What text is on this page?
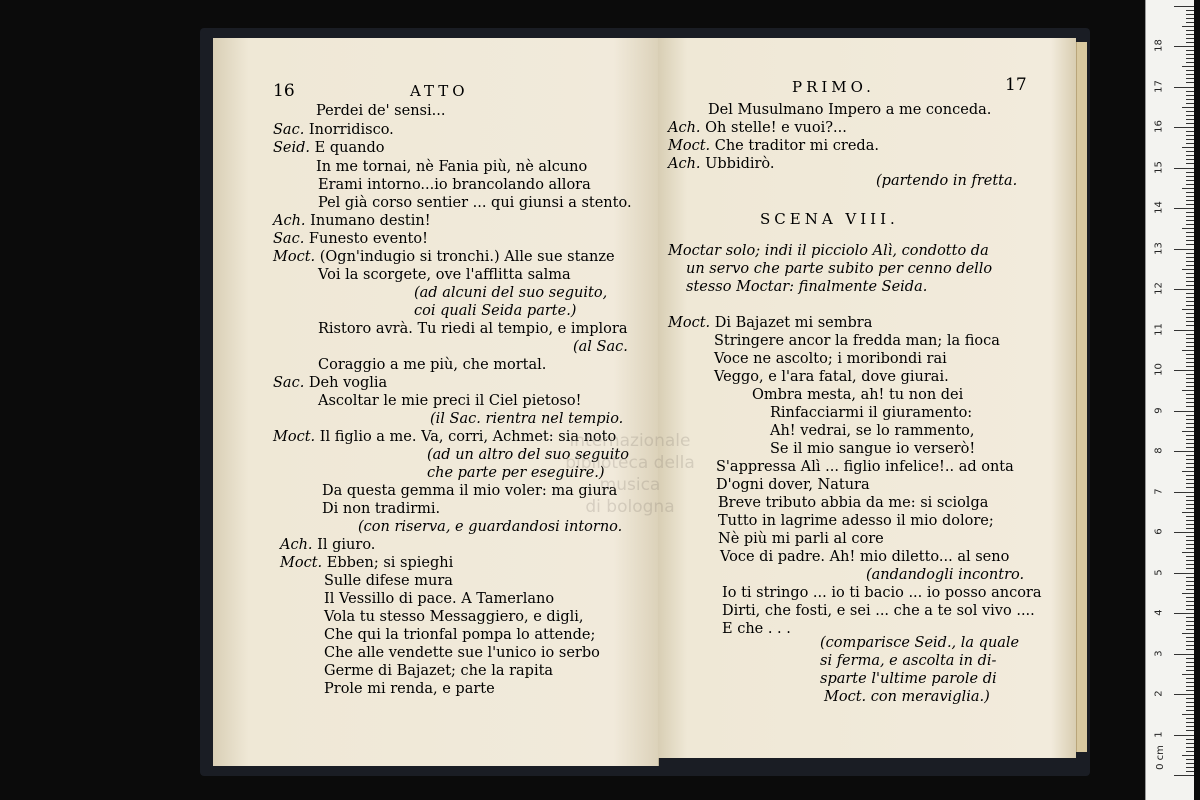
Perdei de' sensi...
Sac. Inorridisco.
Seid. E quando
In me tornai, nè Fania più, nè alcuno
Erami intorno...io brancolando allora
Pel già corso sentier ... qui giunsi a stento.
Ach. Inumano destin!
Sac. Funesto evento!
Moct. (Ogn'indugio si tronchi.) Alle sue stanze
Voi la scorgete, ove l'afflitta salma
(ad alcuni del suo seguito,
coi quali Seida parte.)
Ristoro avrà. Tu riedi al tempio, e implora
(al Sac.
Coraggio a me più, che mortal.
Sac. Deh voglia
Ascoltar le mie preci il Ciel pietoso!
(il Sac. rientra nel tempio.
Moct. Il figlio a me. Va, corri, Achmet: sia noto
(ad un altro del suo seguito
che parte per eseguire.)
Da questa gemma il mio voler: ma giura
Di non tradirmi.
(con riserva, e guardandosi intorno.
Ach. Il giuro.
Moct. Ebben; si spieghi
Sulle difese mura
Il Vessillo di pace. A Tamerlano
Vola tu stesso Messaggiero, e digli,
Che qui la trionfal pompa lo attende;
Che alle vendette sue l'unico io serbo
Germe di Bajazet; che la rapita
Prole mi renda, e parte
Del Musulmano Impero a me conceda.
Ach. Oh stelle! e vuoi?...
Moct. Che traditor mi creda.
Ach. Ubbidirò.
(partendo in fretta.
SCENA VIII.
Moctar solo; indi il picciolo Alì, condotto da
un servo che parte subito per cenno dello
stesso Moctar: finalmente Seida.
Moct. Di Bajazet mi sembra
Stringere ancor la fredda man; la fioca
Voce ne ascolto; i moribondi rai
Veggo, e l'ara fatal, dove giurai.
Ombra mesta, ah! tu non dei
Rinfacciarmi il giuramento:
Ah! vedrai, se lo rammento,
Se il mio sangue io verserò!
S'appressa Alì ... figlio infelice!.. ad onta
D'ogni dover, Natura
Breve tributo abbia da me: si sciolga
Tutto in lagrime adesso il mio dolore;
Nè più mi parli al core
Voce di padre. Ah! mio diletto... al seno
(andandogli incontro.
Io ti stringo ... io ti bacio ... io posso ancora
Dirti, che fosti, e sei ... che a te sol vivo ....
E che . . .
(comparisce Seid., la quale
si ferma, e ascolta in di-
sparte l'ultime parole di
Moct. con meraviglia.)
16	ATTO	PRIMO.	17
internazionale
biblioteca della musica
di bologna
0 cm
1
2
3
4
5
6
7
8
9
10
11
12
13
14
15
16
17
18
